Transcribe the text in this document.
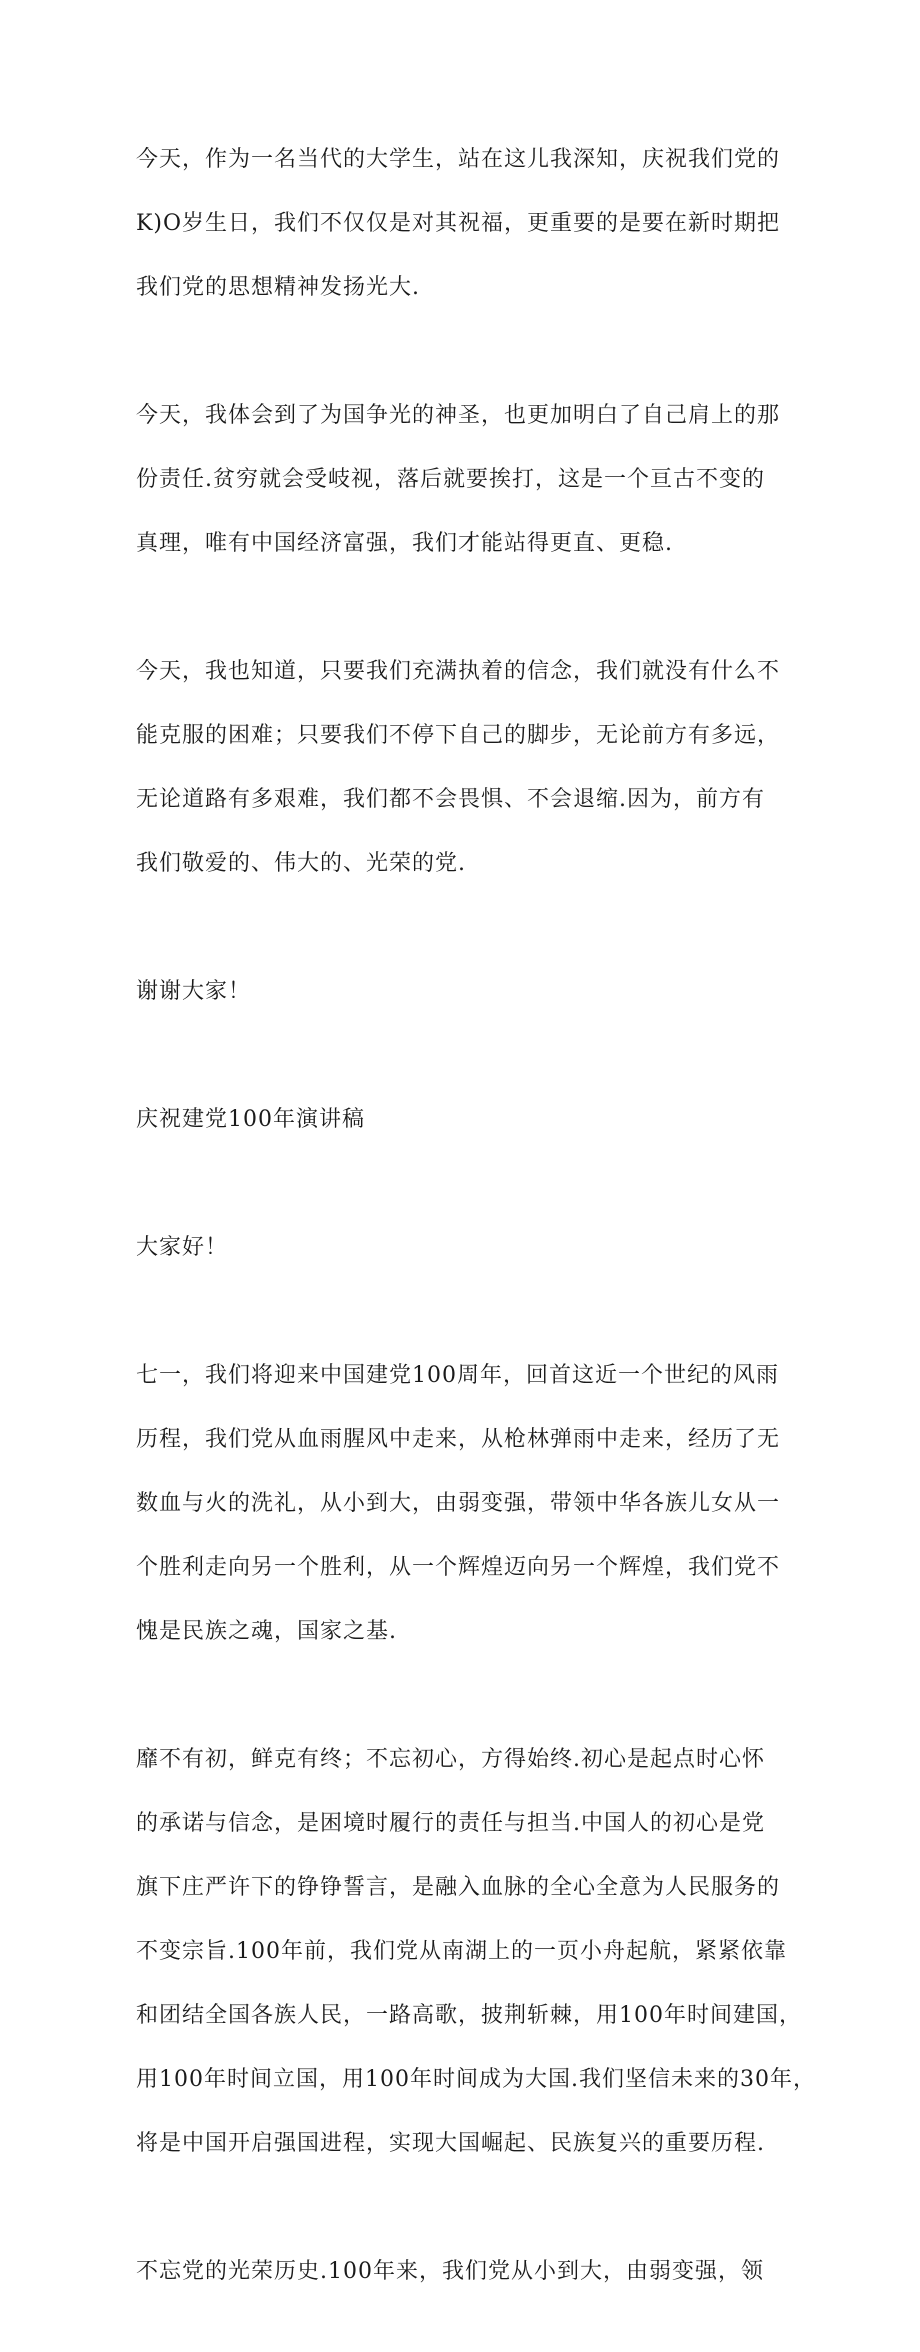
今天，作为一名当代的大学生，站在这儿我深知，庆祝我们党的

K)O岁生日，我们不仅仅是对其祝福，更重要的是要在新时期把

我们党的思想精神发扬光大.

今天，我体会到了为国争光的神圣，也更加明白了自己肩上的那

份责任.贫穷就会受岐视，落后就要挨打，这是一个亘古不变的

真理，唯有中国经济富强，我们才能站得更直、更稳.

今天，我也知道，只要我们充满执着的信念，我们就没有什么不

能克服的困难；只要我们不停下自己的脚步，无论前方有多远，

无论道路有多艰难，我们都不会畏惧、不会退缩.因为，前方有

我们敬爱的、伟大的、光荣的党.

谢谢大家！

庆祝建党100年演讲稿

大家好！

七一，我们将迎来中国建党100周年，回首这近一个世纪的风雨

历程，我们党从血雨腥风中走来，从枪林弹雨中走来，经历了无

数血与火的洗礼，从小到大，由弱变强，带领中华各族儿女从一

个胜利走向另一个胜利，从一个辉煌迈向另一个辉煌，我们党不

愧是民族之魂，国家之基.

靡不有初，鲜克有终；不忘初心，方得始终.初心是起点时心怀

的承诺与信念，是困境时履行的责任与担当.中国人的初心是党

旗下庄严许下的铮铮誓言，是融入血脉的全心全意为人民服务的

不变宗旨.100年前，我们党从南湖上的一页小舟起航，紧紧依靠

和团结全国各族人民，一路高歌，披荆斩棘，用100年时间建国，

用100年时间立国，用100年时间成为大国.我们坚信未来的30年，

将是中国开启强国进程，实现大国崛起、民族复兴的重要历程.

不忘党的光荣历史.100年来，我们党从小到大，由弱变强，领
